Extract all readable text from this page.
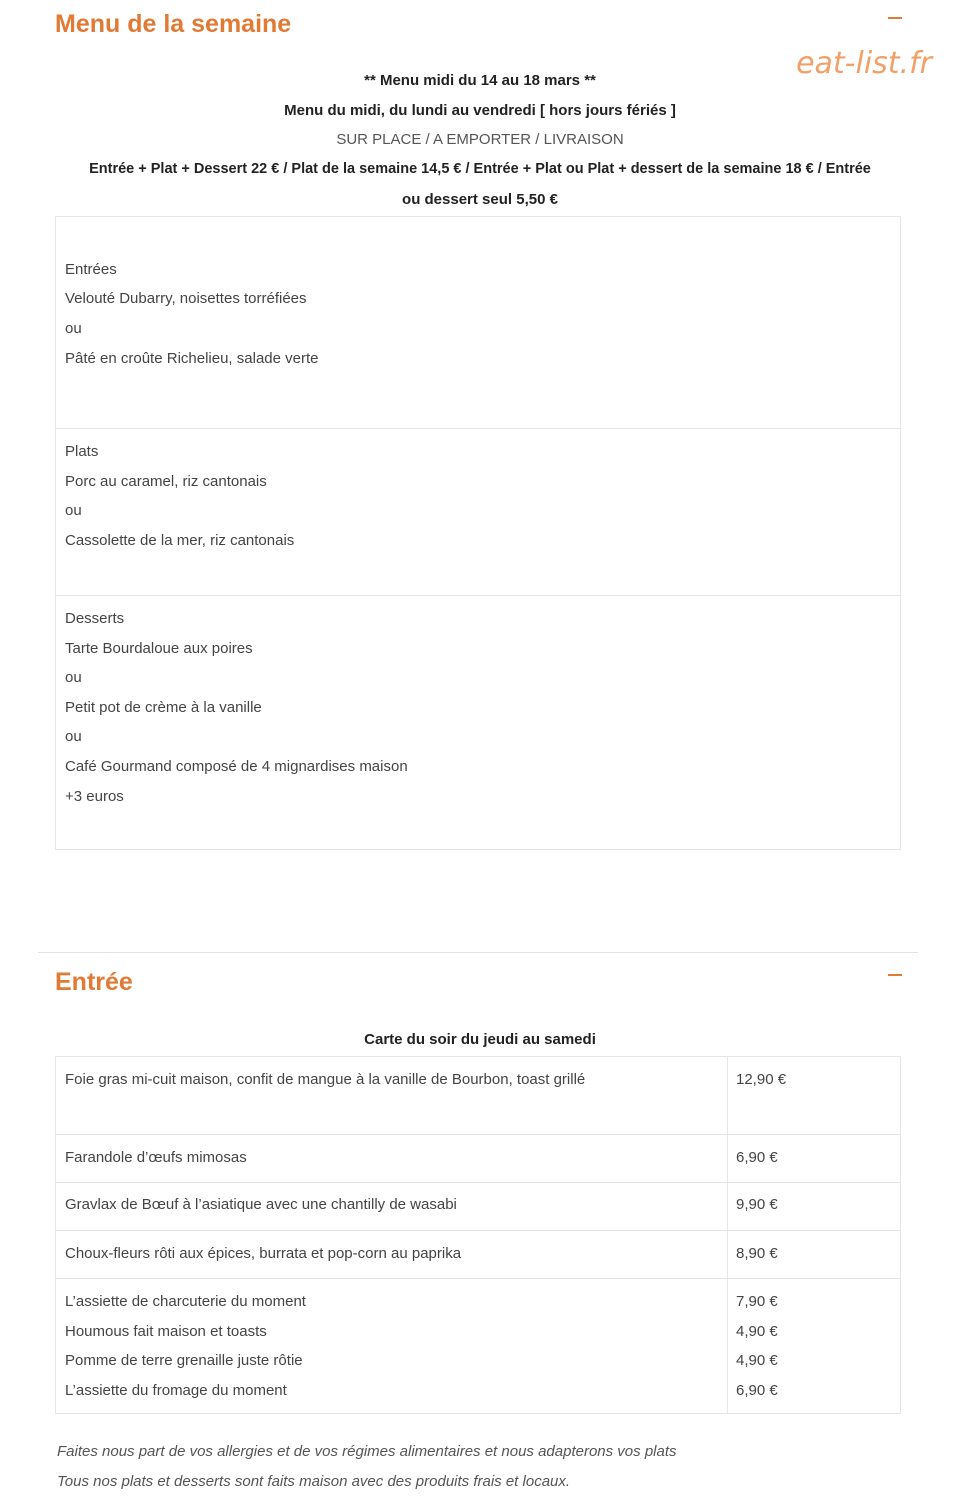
Menu de la semaine
eat-list.fr
** Menu midi du 14 au 18 mars **
Menu du midi, du lundi au vendredi [ hors jours fériés ]
SUR PLACE / A EMPORTER / LIVRAISON
Entrée + Plat + Dessert 22 € / Plat de la semaine 14,5 € / Entrée + Plat ou Plat + dessert de la semaine 18 € / Entrée
ou dessert seul 5,50 €
Entrées
Velouté Dubarry, noisettes torréfiées
ou
Pâté en croûte Richelieu, salade verte
Plats
Porc au caramel, riz cantonais
ou
Cassolette de la mer, riz cantonais
Desserts
Tarte Bourdaloue aux poires
ou
Petit pot de crème à la vanille
ou
Café Gourmand composé de 4 mignardises maison
+3 euros
Entrée
Carte du soir du jeudi au samedi
Foie gras mi-cuit maison, confit de mangue à la vanille de Bourbon, toast grillé	12,90 €
Farandole d’œufs mimosas	6,90 €
Gravlax de Bœuf à l’asiatique avec une chantilly de wasabi	9,90 €
Choux-fleurs rôti aux épices, burrata et pop-corn au paprika	8,90 €
L’assiette de charcuterie du moment	7,90 €
Houmous fait maison et toasts	4,90 €
Pomme de terre grenaille juste rôtie	4,90 €
L’assiette du fromage du moment	6,90 €
Faites nous part de vos allergies et de vos régimes alimentaires et nous adapterons vos plats
Tous nos plats et desserts sont faits maison avec des produits frais et locaux.
